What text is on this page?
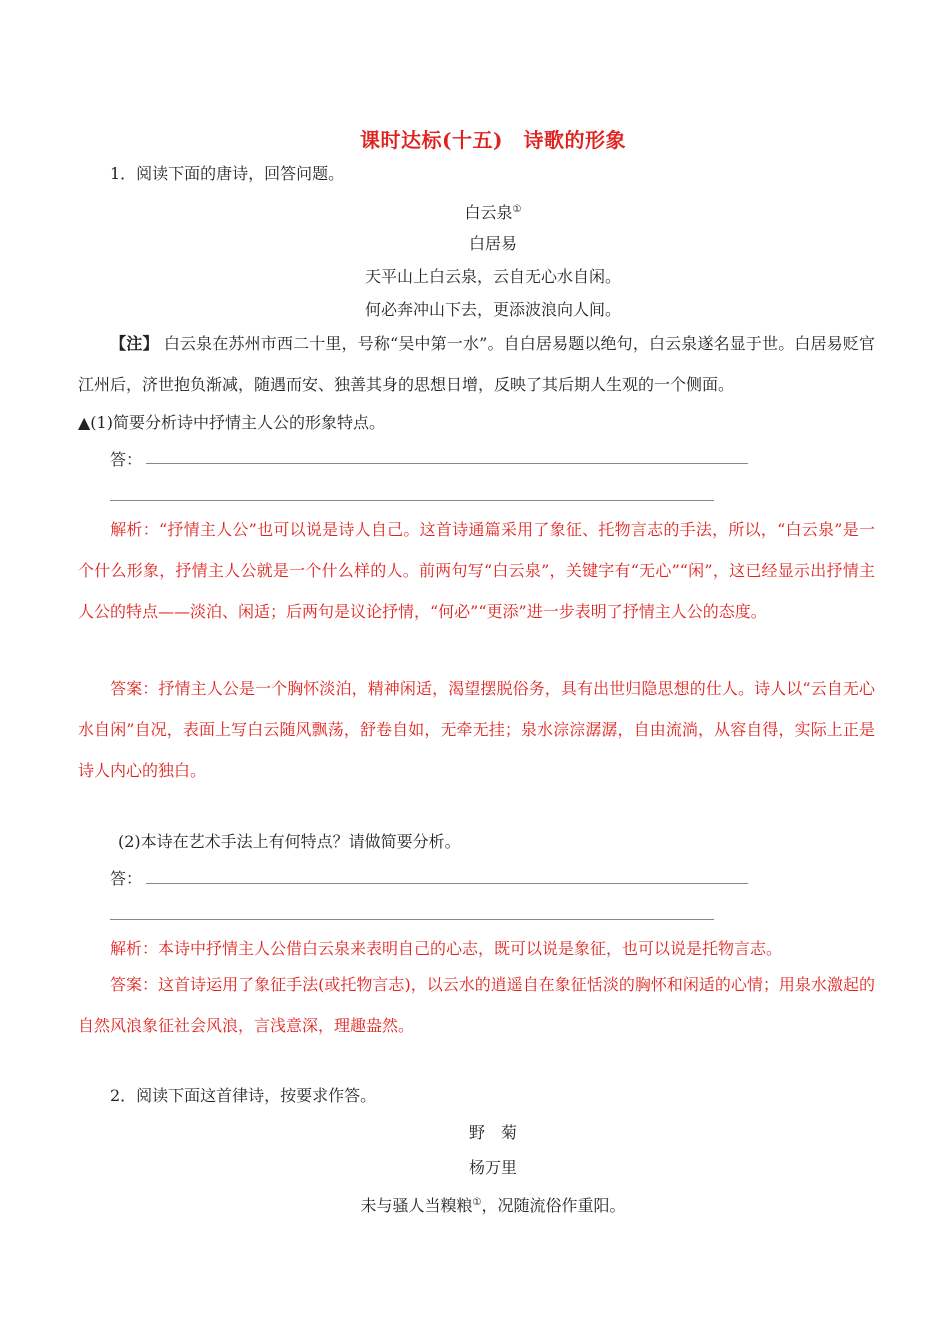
课时达标(十五)　诗歌的形象
1．阅读下面的唐诗，回答问题。
白云泉①
白居易
天平山上白云泉，云自无心水自闲。
何必奔冲山下去，更添波浪向人间。
【注】 白云泉在苏州市西二十里，号称“吴中第一水”。自白居易题以绝句，白云泉遂名显于世。白居易贬官江州后，济世抱负渐减，随遇而安、独善其身的思想日增，反映了其后期人生观的一个侧面。
▲(1)简要分析诗中抒情主人公的形象特点。
答：
解析：“抒情主人公”也可以说是诗人自己。这首诗通篇采用了象征、托物言志的手法，所以，“白云泉”是一个什么形象，抒情主人公就是一个什么样的人。前两句写“白云泉”，关键字有“无心”“闲”，这已经显示出抒情主人公的特点——淡泊、闲适；后两句是议论抒情，“何必”“更添”进一步表明了抒情主人公的态度。
答案：抒情主人公是一个胸怀淡泊，精神闲适，渴望摆脱俗务，具有出世归隐思想的仕人。诗人以“云自无心水自闲”自况，表面上写白云随风飘荡，舒卷自如，无牵无挂；泉水淙淙潺潺，自由流淌，从容自得，实际上正是诗人内心的独白。
(2)本诗在艺术手法上有何特点？请做简要分析。
答：
解析：本诗中抒情主人公借白云泉来表明自己的心志，既可以说是象征，也可以说是托物言志。
答案：这首诗运用了象征手法(或托物言志)，以云水的逍遥自在象征恬淡的胸怀和闲适的心情；用泉水激起的自然风浪象征社会风浪，言浅意深，理趣盎然。
2．阅读下面这首律诗，按要求作答。
野　菊
杨万里
未与骚人当糗粮①，况随流俗作重阳。
